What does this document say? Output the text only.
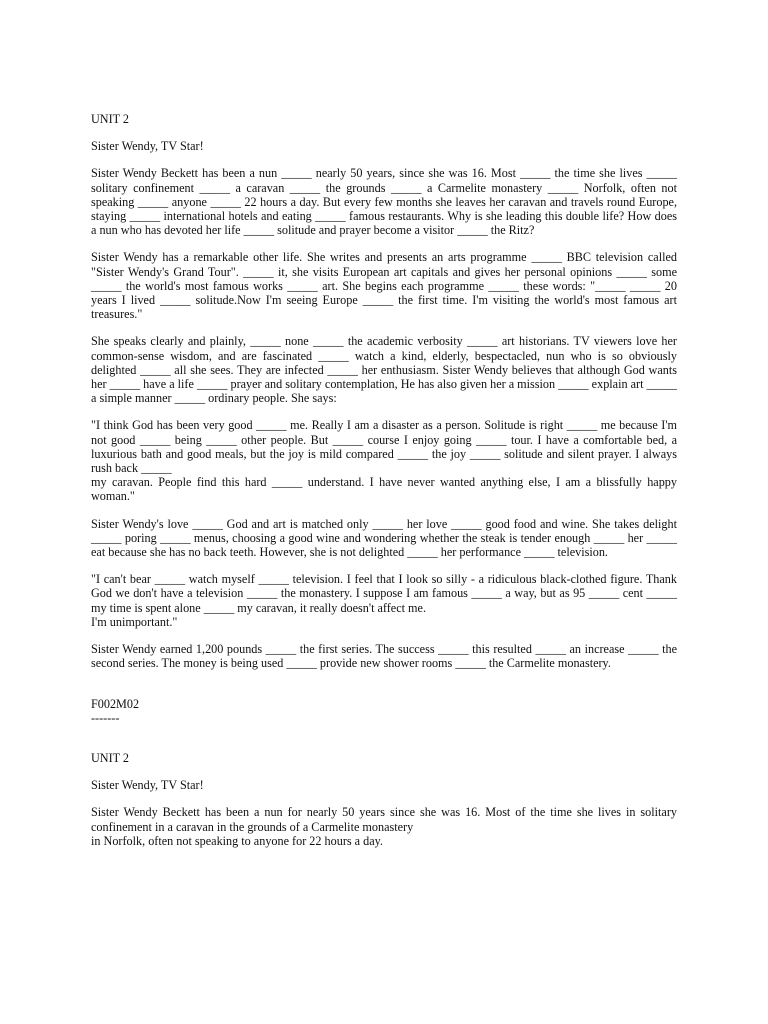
UNIT 2

Sister Wendy, TV Star!

Sister Wendy Beckett has been a nun _____ nearly 50 years, since she was 16. Most _____ the time she lives _____ solitary confinement _____ a caravan _____ the grounds _____ a Carmelite monastery _____ Norfolk, often not speaking _____ anyone _____ 22 hours a day. But every few months she leaves her caravan and travels round Europe, staying _____ international hotels and eating _____ famous restaurants. Why is she leading this double life? How does a nun who has devoted her life _____ solitude and prayer become a visitor _____ the Ritz?

Sister Wendy has a remarkable other life. She writes and presents an arts programme _____ BBC television called "Sister Wendy's Grand Tour". _____ it, she visits European art capitals and gives her personal opinions _____ some _____ the world's most famous works _____ art. She begins each programme _____ these words: "_____ _____ 20 years I lived _____ solitude.Now I'm seeing Europe _____ the first time. I'm visiting the world's most famous art treasures."

She speaks clearly and plainly, _____ none _____ the academic verbosity _____ art historians. TV viewers love her common-sense wisdom, and are fascinated _____ watch a kind, elderly, bespectacled, nun who is so obviously delighted _____ all she sees. They are infected _____ her enthusiasm. Sister Wendy believes that although God wants her _____ have a life _____ prayer and solitary contemplation, He has also given her a mission _____ explain art _____ a simple manner _____ ordinary people. She says:

"I think God has been very good _____ me. Really I am a disaster as a person. Solitude is right _____ me because I'm not good _____ being _____ other people. But _____ course I enjoy going _____ tour. I have a comfortable bed, a luxurious bath and good meals, but the joy is mild compared _____ the joy _____ solitude and silent prayer. I always rush back _____
my caravan. People find this hard _____ understand. I have never wanted anything else, I am a blissfully happy woman."

Sister Wendy's love _____ God and art is matched only _____ her love _____ good food and wine. She takes delight _____ poring _____ menus, choosing a good wine and wondering whether the steak is tender enough _____ her _____ eat because she has no back teeth. However, she is not delighted _____ her performance _____ television.

"I can't bear _____ watch myself _____ television. I feel that I look so silly - a ridiculous black-clothed figure. Thank God we don't have a television _____ the monastery. I suppose I am famous _____ a way, but as 95 _____ cent _____ my time is spent alone _____ my caravan, it really doesn't affect me.
I'm unimportant."

Sister Wendy earned 1,200 pounds _____ the first series. The success _____ this resulted _____ an increase _____ the second series. The money is being used _____ provide new shower rooms _____ the Carmelite monastery.

F002M02

-------

UNIT 2

Sister Wendy, TV Star!

Sister Wendy Beckett has been a nun for nearly 50 years since she was 16. Most of the time she lives in solitary confinement in a caravan in the grounds of a Carmelite monastery
in Norfolk, often not speaking to anyone for 22 hours a day.
